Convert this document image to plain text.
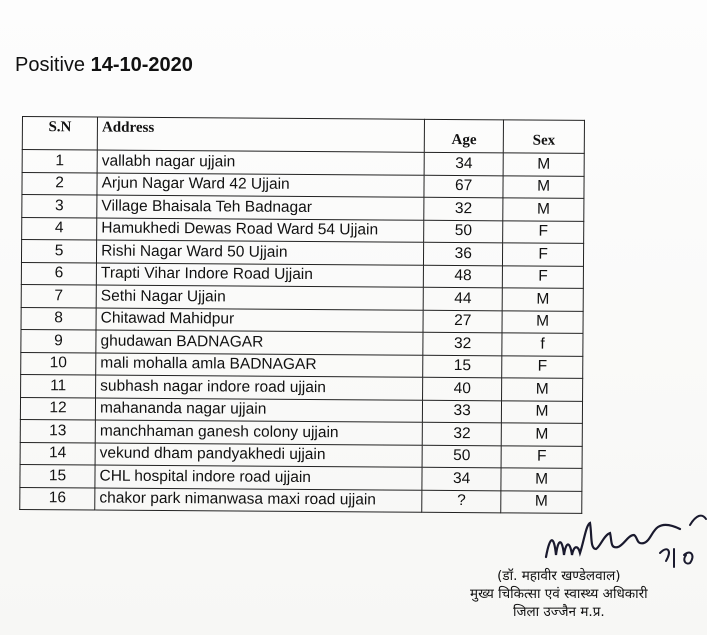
Positive 14-10-2020
S.N	Address	Age	Sex
1	vallabh nagar ujjain	34	M
2	Arjun Nagar Ward 42 Ujjain	67	M
3	Village Bhaisala Teh Badnagar	32	M
4	Hamukhedi Dewas Road Ward 54 Ujjain	50	F
5	Rishi Nagar Ward 50 Ujjain	36	F
6	Trapti Vihar Indore Road Ujjain	48	F
7	Sethi Nagar Ujjain	44	M
8	Chitawad Mahidpur	27	M
9	ghudawan BADNAGAR	32	f
10	mali mohalla amla BADNAGAR	15	F
11	subhash nagar indore road ujjain	40	M
12	mahananda nagar ujjain	33	M
13	manchhaman ganesh colony ujjain	32	M
14	vekund dham pandyakhedi ujjain	50	F
15	CHL hospital indore road ujjain	34	M
16	chakor park nimanwasa maxi road ujjain	?	M
(डॉ. महावीर खण्डेलवाल)
मुख्य चिकित्सा एवं स्वास्थ्य अधिकारी
जिला उज्जैन म.प्र.
